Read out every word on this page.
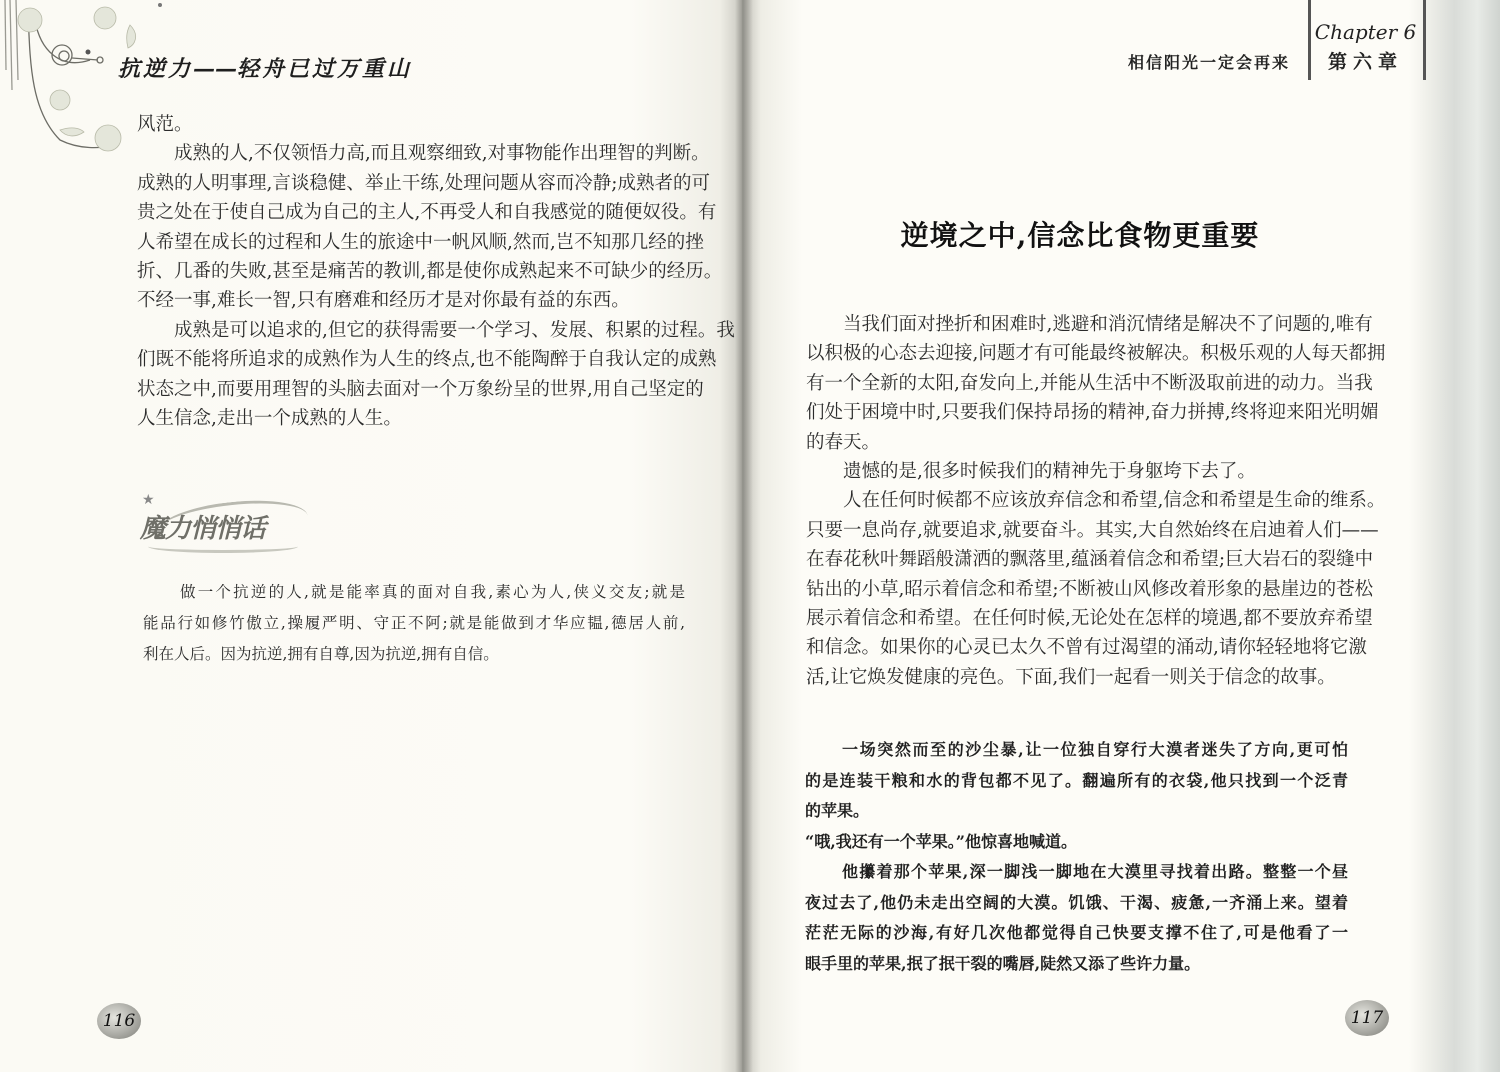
抗逆力——轻舟已过万重山
风范。
成熟的人,不仅领悟力高,而且观察细致,对事物能作出理智的判断。
成熟的人明事理,言谈稳健、举止干练,处理问题从容而冷静;成熟者的可
贵之处在于使自己成为自己的主人,不再受人和自我感觉的随便奴役。有
人希望在成长的过程和人生的旅途中一帆风顺,然而,岂不知那几经的挫
折、几番的失败,甚至是痛苦的教训,都是使你成熟起来不可缺少的经历。
不经一事,难长一智,只有磨难和经历才是对你最有益的东西。
成熟是可以追求的,但它的获得需要一个学习、发展、积累的过程。我
们既不能将所追求的成熟作为人生的终点,也不能陶醉于自我认定的成熟
状态之中,而要用理智的头脑去面对一个万象纷呈的世界,用自己坚定的
人生信念,走出一个成熟的人生。
★
魔力悄悄话
做一个抗逆的人,就是能率真的面对自我,素心为人,侠义交友;就是
能品行如修竹傲立,操履严明、守正不阿;就是能做到才华应韫,德居人前,
利在人后。因为抗逆,拥有自尊,因为抗逆,拥有自信。
116
相信阳光一定会再来
Chapter 6
第六章
逆境之中,信念比食物更重要
当我们面对挫折和困难时,逃避和消沉情绪是解决不了问题的,唯有
以积极的心态去迎接,问题才有可能最终被解决。积极乐观的人每天都拥
有一个全新的太阳,奋发向上,并能从生活中不断汲取前进的动力。当我
们处于困境中时,只要我们保持昂扬的精神,奋力拼搏,终将迎来阳光明媚
的春天。
遗憾的是,很多时候我们的精神先于身躯垮下去了。
人在任何时候都不应该放弃信念和希望,信念和希望是生命的维系。
只要一息尚存,就要追求,就要奋斗。其实,大自然始终在启迪着人们——
在春花秋叶舞蹈般潇洒的飘落里,蕴涵着信念和希望;巨大岩石的裂缝中
钻出的小草,昭示着信念和希望;不断被山风修改着形象的悬崖边的苍松
展示着信念和希望。在任何时候,无论处在怎样的境遇,都不要放弃希望
和信念。如果你的心灵已太久不曾有过渴望的涌动,请你轻轻地将它激
活,让它焕发健康的亮色。下面,我们一起看一则关于信念的故事。
一场突然而至的沙尘暴,让一位独自穿行大漠者迷失了方向,更可怕
的是连装干粮和水的背包都不见了。翻遍所有的衣袋,他只找到一个泛青
的苹果。
“哦,我还有一个苹果。”他惊喜地喊道。
他攥着那个苹果,深一脚浅一脚地在大漠里寻找着出路。整整一个昼
夜过去了,他仍未走出空阔的大漠。饥饿、干渴、疲惫,一齐涌上来。望着
茫茫无际的沙海,有好几次他都觉得自己快要支撑不住了,可是他看了一
眼手里的苹果,抿了抿干裂的嘴唇,陡然又添了些许力量。
117
